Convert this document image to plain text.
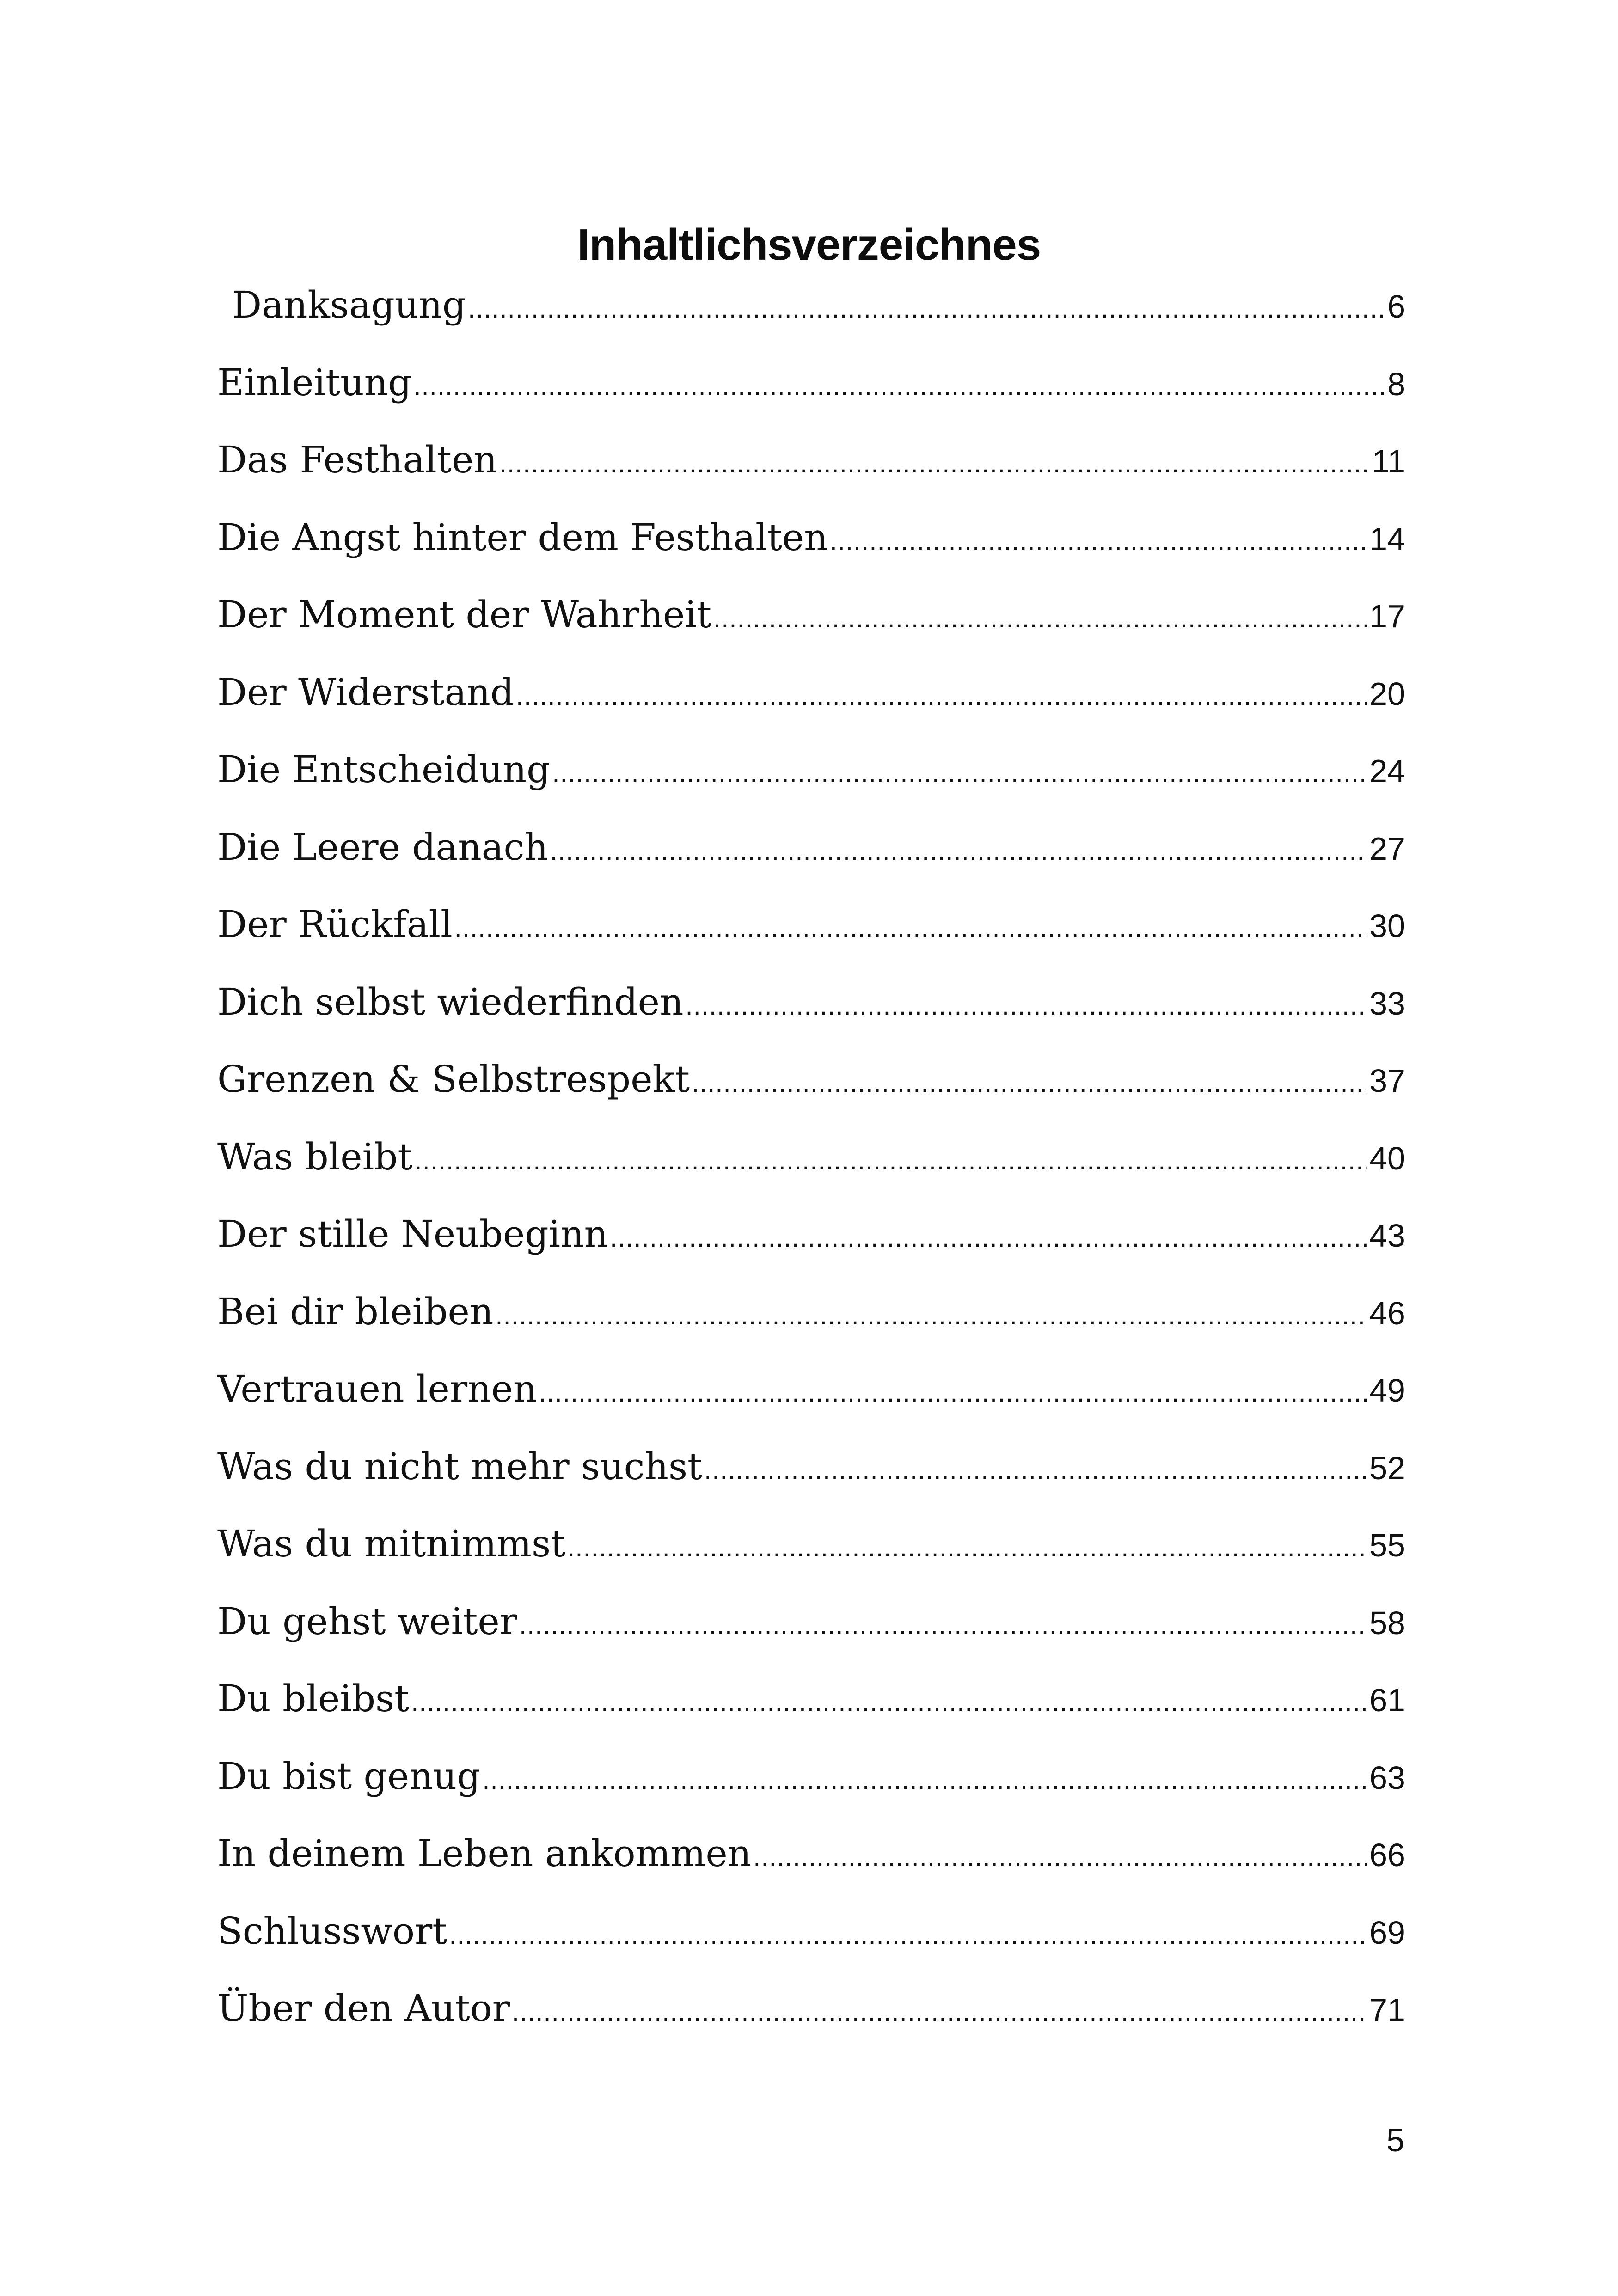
Inhaltlichsverzeichnes
Danksagung .....	6
Einleitung .....	8
Das Festhalten .....	11
Die Angst hinter dem Festhalten .....	14
Der Moment der Wahrheit .....	17
Der Widerstand .....	20
Die Entscheidung .....	24
Die Leere danach .....	27
Der Rückfall .....	30
Dich selbst wiederfinden .....	33
Grenzen & Selbstrespekt .....	37
Was bleibt .....	40
Der stille Neubeginn .....	43
Bei dir bleiben .....	46
Vertrauen lernen .....	49
Was du nicht mehr suchst .....	52
Was du mitnimmst .....	55
Du gehst weiter .....	58
Du bleibst .....	61
Du bist genug .....	63
In deinem Leben ankommen .....	66
Schlusswort .....	69
Über den Autor .....	71
5
